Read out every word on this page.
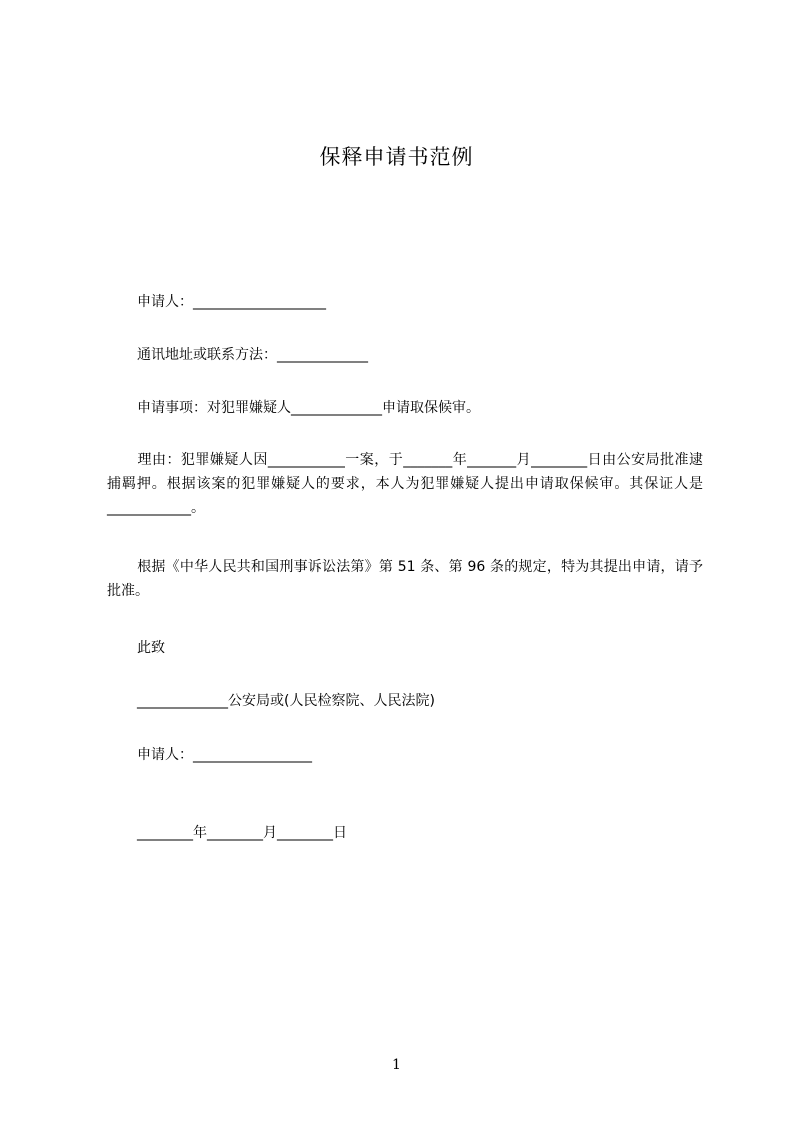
保释申请书范例
申请人：___________________
通讯地址或联系方法：_____________
申请事项：对犯罪嫌疑人_____________申请取保候审。
理由：犯罪嫌疑人因___________一案，于_______年_______月________日由公安局批准逮捕羁押。根据该案的犯罪嫌疑人的要求，本人为犯罪嫌疑人提出申请取保候审。其保证人是____________。
根据《中华人民共和国刑事诉讼法第》第 51 条、第 96 条的规定，特为其提出申请，请予批准。
此致
_____________公安局或(人民检察院、人民法院)
申请人：_________________
________年________月________日
1
